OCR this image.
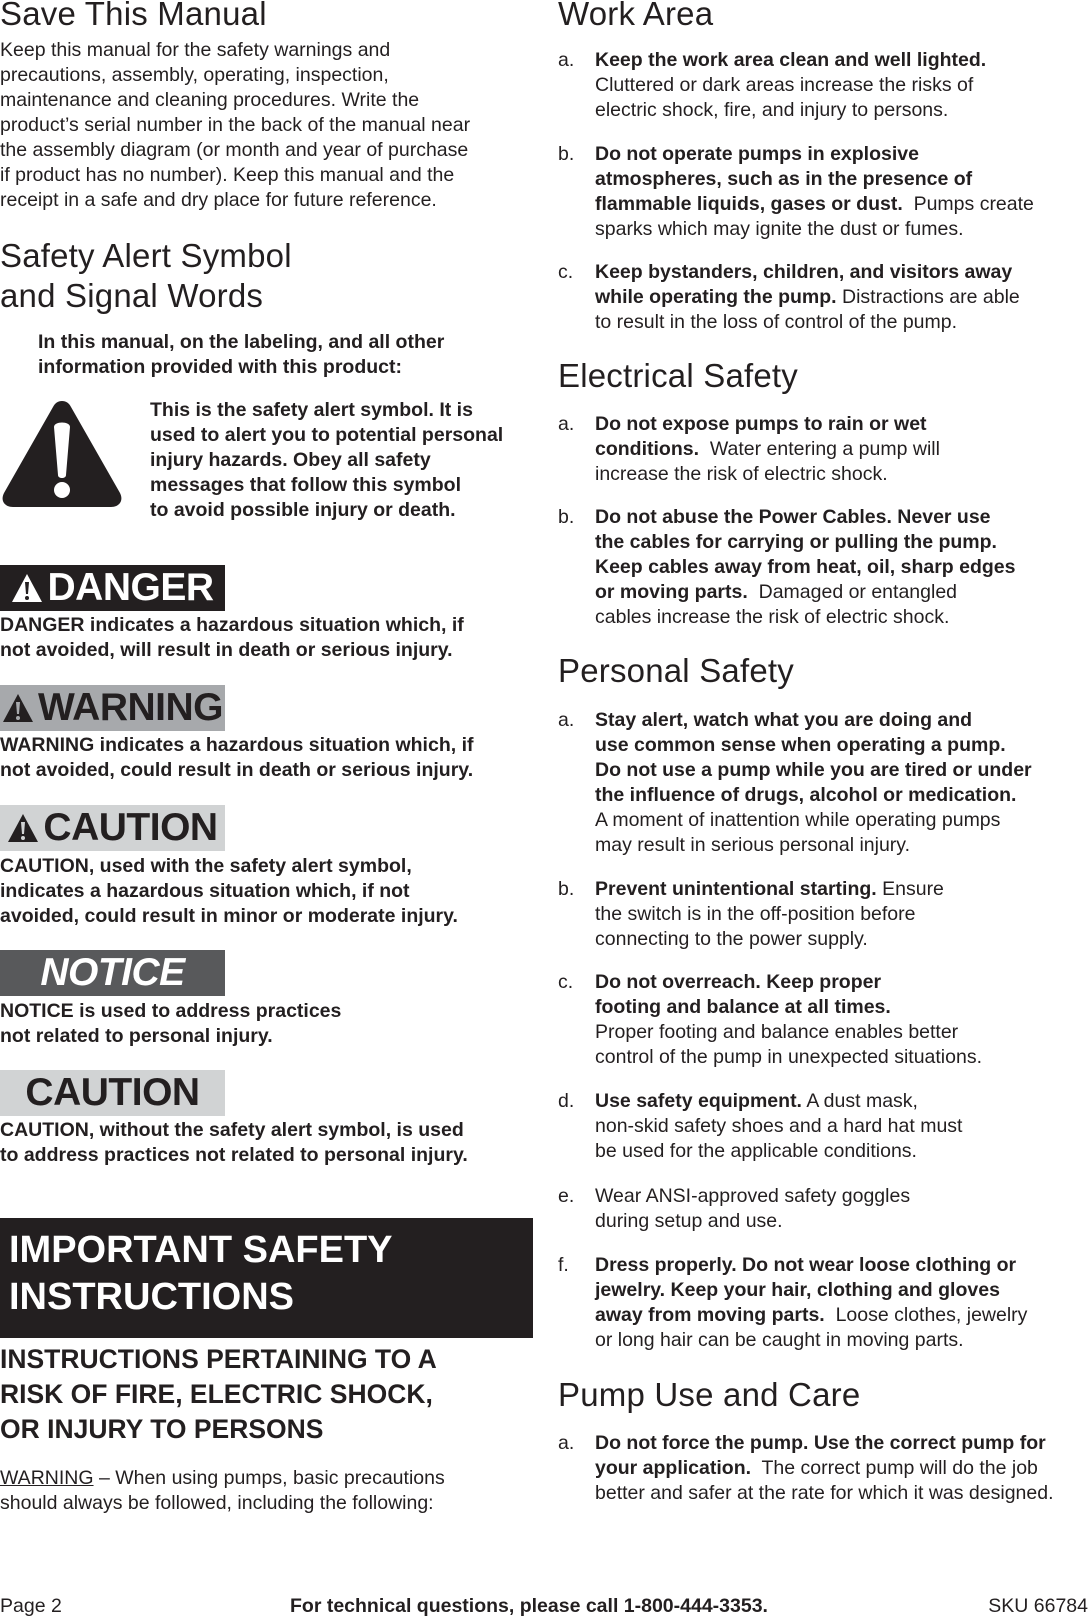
Save This Manual
Keep this manual for the safety warnings and
precautions, assembly, operating, inspection,
maintenance and cleaning procedures. Write the
product’s serial number in the back of the manual near
the assembly diagram (or month and year of purchase
if product has no number). Keep this manual and the
receipt in a safe and dry place for future reference.
Safety Alert Symbol
and Signal Words
In this manual, on the labeling, and all other
information provided with this product:
This is the safety alert symbol. It is
used to alert you to potential personal
injury hazards. Obey all safety
messages that follow this symbol
to avoid possible injury or death.
DANGER
DANGER indicates a hazardous situation which, if
not avoided, will result in death or serious injury.
WARNING
WARNING indicates a hazardous situation which, if
not avoided, could result in death or serious injury.
CAUTION
CAUTION, used with the safety alert symbol,
indicates a hazardous situation which, if not
avoided, could result in minor or moderate injury.
NOTICE
NOTICE is used to address practices
not related to personal injury.
CAUTION
CAUTION, without the safety alert symbol, is used
to address practices not related to personal injury.
IMPORTANT SAFETY
INSTRUCTIONS
INSTRUCTIONS PERTAINING TO A
RISK OF FIRE, ELECTRIC SHOCK,
OR INJURY TO PERSONS
WARNING – When using pumps, basic precautions
should always be followed, including the following:
Work Area
a. Keep the work area clean and well lighted.
Cluttered or dark areas increase the risks of
electric shock, fire, and injury to persons.
b. Do not operate pumps in explosive
atmospheres, such as in the presence of
flammable liquids, gases or dust.  Pumps create
sparks which may ignite the dust or fumes.
c. Keep bystanders, children, and visitors away
while operating the pump. Distractions are able
to result in the loss of control of the pump.
Electrical Safety
a. Do not expose pumps to rain or wet
conditions.  Water entering a pump will
increase the risk of electric shock.
b. Do not abuse the Power Cables. Never use
the cables for carrying or pulling the pump.
Keep cables away from heat, oil, sharp edges
or moving parts.  Damaged or entangled
cables increase the risk of electric shock.
Personal Safety
a. Stay alert, watch what you are doing and
use common sense when operating a pump.
Do not use a pump while you are tired or under
the influence of drugs, alcohol or medication.
A moment of inattention while operating pumps
may result in serious personal injury.
b. Prevent unintentional starting. Ensure
the switch is in the off-position before
connecting to the power supply.
c. Do not overreach. Keep proper
footing and balance at all times.
Proper footing and balance enables better
control of the pump in unexpected situations.
d. Use safety equipment. A dust mask,
non-skid safety shoes and a hard hat must
be used for the applicable conditions.
e. Wear ANSI-approved safety goggles
during setup and use.
f. Dress properly. Do not wear loose clothing or
jewelry. Keep your hair, clothing and gloves
away from moving parts.  Loose clothes, jewelry
or long hair can be caught in moving parts.
Pump Use and Care
a. Do not force the pump. Use the correct pump for
your application.  The correct pump will do the job
better and safer at the rate for which it was designed.
Page 2	For technical questions, please call 1-800-444-3353.	SKU 66784
